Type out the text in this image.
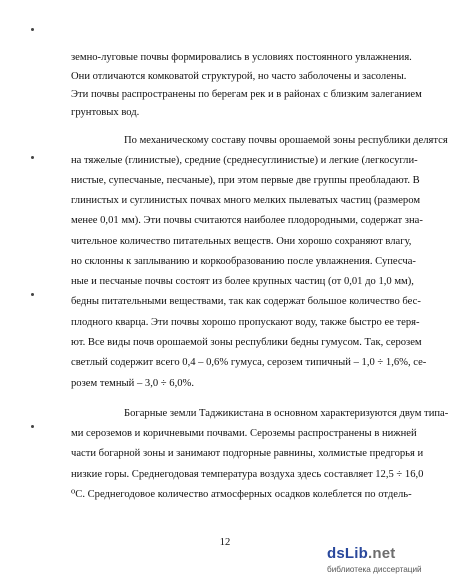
земно-луговые почвы формировались в условиях постоянного увлажнения.

Они отличаются комковатой структурой, но часто заболочены и засолены.

Эти почвы распространены по берегам рек и в районах с близким залеганием

грунтовых вод.

По механическому составу почвы орошаемой зоны республики делятся

на тяжелые (глинистые), средние (среднесуглинистые) и легкие (легкосугли-

нистые, супесчаные, песчаные), при этом первые две группы преобладают. В

глинистых и суглинистых почвах много мелких пылеватых частиц (размером

менее 0,01 мм). Эти почвы считаются наиболее плодородными, содержат зна-

чительное количество питательных веществ. Они хорошо сохраняют влагу,

но склонны к заплыванию и коркообразованию после увлажнения. Супесча-

ные и песчаные почвы состоят из более крупных частиц (от 0,01 до 1,0 мм),

бедны питательными веществами, так как содержат большое количество бес-

плодного кварца. Эти почвы хорошо пропускают воду, также быстро ее теря-

ют. Все виды почв орошаемой зоны республики бедны гумусом. Так, серозем

светлый содержит всего 0,4 – 0,6% гумуса, серозем типичный – 1,0 ÷ 1,6%, се-

розем темный – 3,0 ÷ 6,0%.

Богарные земли Таджикистана в основном характеризуются двум типа-

ми сероземов и коричневыми почвами. Сероземы распространены в нижней

части богарной зоны и занимают подгорные равнины, холмистые предгорья и

низкие горы. Среднегодовая температура воздуха здесь составляет 12,5 ÷ 16,0

⁰С. Среднегодовое количество атмосферных осадков колеблется по отдель-

12
dsLib.net
библиотека диссертаций
